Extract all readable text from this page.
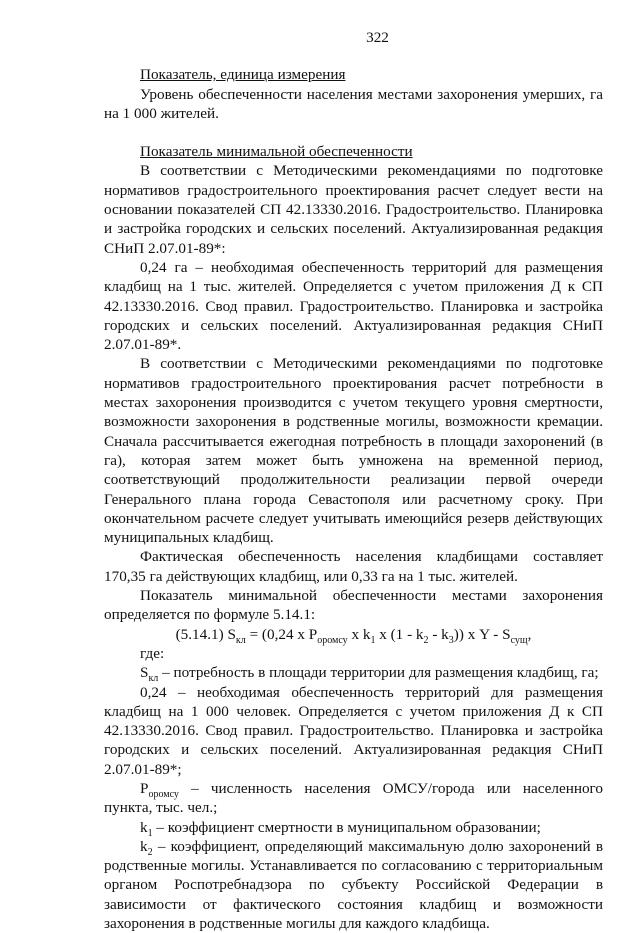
322

Показатель, единица измерения

Уровень обеспеченности населения местами захоронения умерших, га на 1 000 жителей.

Показатель минимальной обеспеченности

В соответствии с Методическими рекомендациями по подготовке нормативов градостроительного проектирования расчет следует вести на основании показателей СП 42.13330.2016. Градостроительство. Планировка и застройка городских и сельских поселений. Актуализированная редакция СНиП 2.07.01-89*:

0,24 га – необходимая обеспеченность территорий для размещения кладбищ на 1 тыс. жителей. Определяется с учетом приложения Д к СП 42.13330.2016. Свод правил. Градостроительство. Планировка и застройка городских и сельских поселений. Актуализированная редакция СНиП 2.07.01-89*.

В соответствии с Методическими рекомендациями по подготовке нормативов градостроительного проектирования расчет потребности в местах захоронения производится с учетом текущего уровня смертности, возможности захоронения в родственные могилы, возможности кремации. Сначала рассчитывается ежегодная потребность в площади захоронений (в га), которая затем может быть умножена на временной период, соответствующий продолжительности реализации первой очереди Генерального плана города Севастополя или расчетному сроку. При окончательном расчете следует учитывать имеющийся резерв действующих муниципальных кладбищ.

Фактическая обеспеченность населения кладбищами составляет 170,35 га действующих кладбищ, или 0,33 га на 1 тыс. жителей.

Показатель минимальной обеспеченности местами захоронения определяется по формуле 5.14.1:

(5.14.1) $S_{кл} = (0,24$ х $P_{оромсу}$ х $k_1$ х $(1 - k_2 - k_3)$) х Y - $S_{сущ}$,

где:

$S_{кл}$ – потребность в площади территории для размещения кладбищ, га;

0,24 – необходимая обеспеченность территорий для размещения кладбищ на 1 000 человек. Определяется с учетом приложения Д к СП 42.13330.2016. Свод правил. Градостроительство. Планировка и застройка городских и сельских поселений. Актуализированная редакция СНиП 2.07.01-89*;

$P_{оромсу}$ – численность населения ОМСУ/города или населенного пункта, тыс. чел.;

$k_1$ – коэффициент смертности в муниципальном образовании;

$k_2$ – коэффициент, определяющий максимальную долю захоронений в родственные могилы. Устанавливается по согласованию с территориальным органом Роспотребнадзора по субъекту Российской Федерации в зависимости от фактического состояния кладбищ и возможности захоронения в родственные могилы для каждого кладбища.
